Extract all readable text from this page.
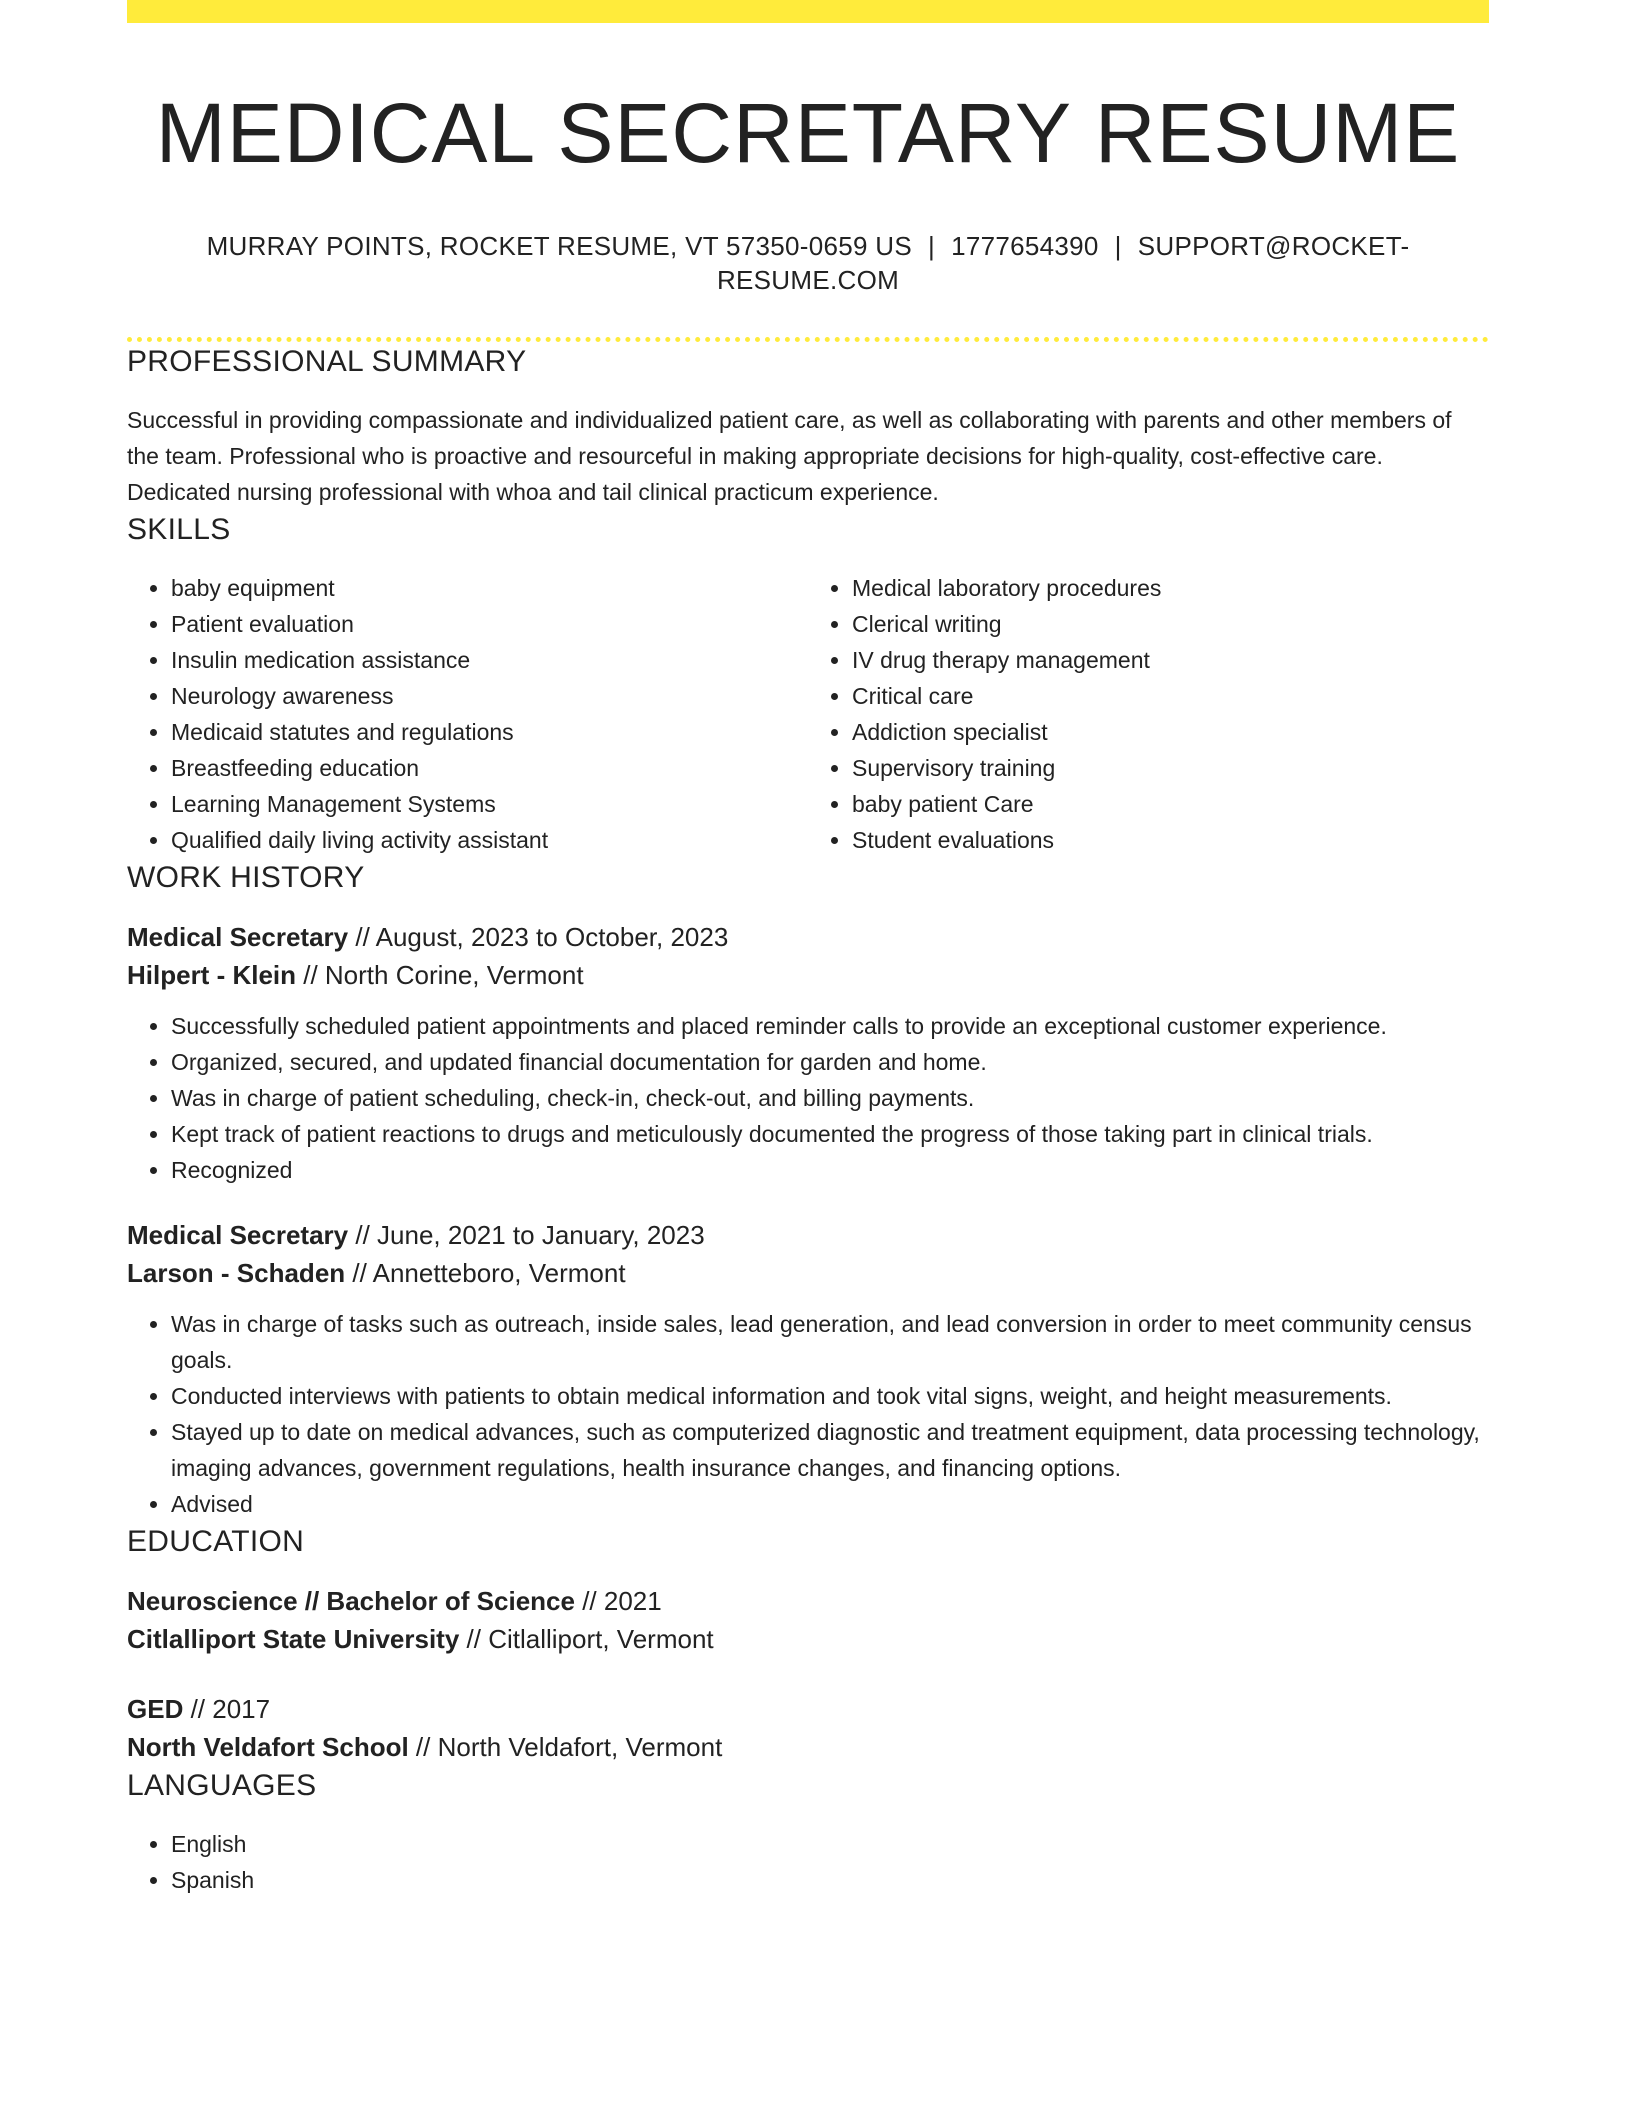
MEDICAL SECRETARY RESUME
MURRAY POINTS, ROCKET RESUME, VT 57350-0659 US | 1777654390 | SUPPORT@ROCKET-RESUME.COM
PROFESSIONAL SUMMARY

Successful in providing compassionate and individualized patient care, as well as collaborating with parents and other members of the team. Professional who is proactive and resourceful in making appropriate decisions for high-quality, cost-effective care. Dedicated nursing professional with whoa and tail clinical practicum experience.

SKILLS
• baby equipment
• Patient evaluation
• Insulin medication assistance
• Neurology awareness
• Medicaid statutes and regulations
• Breastfeeding education
• Learning Management Systems
• Qualified daily living activity assistant
• Medical laboratory procedures
• Clerical writing
• IV drug therapy management
• Critical care
• Addiction specialist
• Supervisory training
• baby patient Care
• Student evaluations
WORK HISTORY
Medical Secretary // August, 2023 to October, 2023
Hilpert - Klein // North Corine, Vermont
• Successfully scheduled patient appointments and placed reminder calls to provide an exceptional customer experience.
• Organized, secured, and updated financial documentation for garden and home.
• Was in charge of patient scheduling, check-in, check-out, and billing payments.
• Kept track of patient reactions to drugs and meticulously documented the progress of those taking part in clinical trials.
• Recognized
Medical Secretary // June, 2021 to January, 2023
Larson - Schaden // Annetteboro, Vermont
• Was in charge of tasks such as outreach, inside sales, lead generation, and lead conversion in order to meet community census goals.
• Conducted interviews with patients to obtain medical information and took vital signs, weight, and height measurements.
• Stayed up to date on medical advances, such as computerized diagnostic and treatment equipment, data processing technology, imaging advances, government regulations, health insurance changes, and financing options.
• Advised
EDUCATION
Neuroscience // Bachelor of Science // 2021
Citlalliport State University // Citlalliport, Vermont
GED // 2017
North Veldafort School // North Veldafort, Vermont
LANGUAGES
• English
• Spanish
